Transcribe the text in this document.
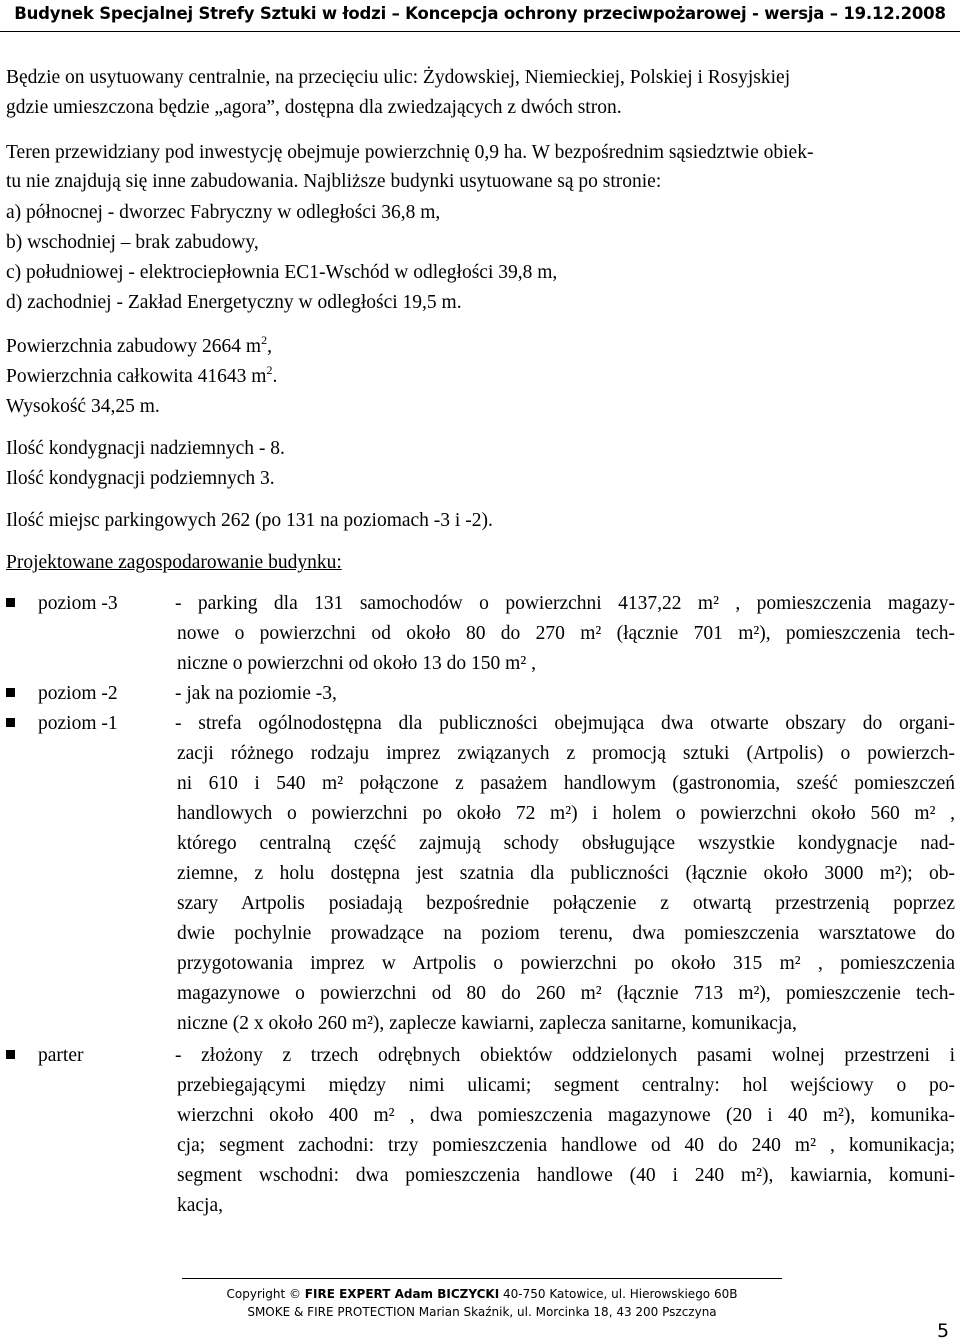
Budynek Specjalnej Strefy Sztuki w łodzi – Koncepcja ochrony przeciwpożarowej - wersja – 19.12.2008
Będzie on usytuowany centralnie, na przecięciu ulic: Żydowskiej, Niemieckiej, Polskiej i Rosyjskiej
gdzie umieszczona będzie „agora”, dostępna dla zwiedzających z dwóch stron.
Teren przewidziany pod inwestycję obejmuje powierzchnię 0,9 ha. W bezpośrednim sąsiedztwie obiek-
tu nie znajdują się inne zabudowania. Najbliższe budynki usytuowane są po stronie:
a) północnej - dworzec Fabryczny w odległości 36,8 m,
b) wschodniej – brak zabudowy,
c) południowej - elektrociepłownia EC1-Wschód w odległości 39,8 m,
d) zachodniej - Zakład Energetyczny w odległości 19,5 m.
Powierzchnia zabudowy 2664 $m^2$,
Powierzchnia całkowita 41643 $m^2$.
Wysokość 34,25 m.
Ilość kondygnacji nadziemnych - 8.
Ilość kondygnacji podziemnych 3.
Ilość miejsc parkingowych 262 (po 131 na poziomach -3 i -2).
Projektowane zagospodarowanie budynku:
poziom -3	- parking dla 131 samochodów o powierzchni 4137,22 m² , pomieszczenia magazy-
nowe o powierzchni od około 80 do 270 m² (łącznie 701 m²), pomieszczenia tech-
niczne o powierzchni od około 13 do 150 m² ,
poziom -2	- jak na poziomie -3,
poziom -1	- strefa ogólnodostępna dla publiczności obejmująca dwa otwarte obszary do organi-
zacji różnego rodzaju imprez związanych z promocją sztuki (Artpolis) o powierzch-
ni 610 i 540 m² połączone z pasażem handlowym (gastronomia, sześć pomieszczeń
handlowych o powierzchni po około 72 m²) i holem o powierzchni około 560 m² ,
którego centralną część zajmują schody obsługujące wszystkie kondygnacje nad-
ziemne, z holu dostępna jest szatnia dla publiczności (łącznie około 3000 m²); ob-
szary Artpolis posiadają bezpośrednie połączenie z otwartą przestrzenią poprzez
dwie pochylnie prowadzące na poziom terenu, dwa pomieszczenia warsztatowe do
przygotowania imprez w Artpolis o powierzchni po około 315 m² , pomieszczenia
magazynowe o powierzchni od 80 do 260 m² (łącznie 713 m²), pomieszczenie tech-
niczne (2 x około 260 m²), zaplecze kawiarni, zaplecza sanitarne, komunikacja,
parter	- złożony z trzech odrębnych obiektów oddzielonych pasami wolnej przestrzeni i
przebiegającymi między nimi ulicami; segment centralny: hol wejściowy o po-
wierzchni około 400 m² , dwa pomieszczenia magazynowe (20 i 40 m²), komunika-
cja; segment zachodni: trzy pomieszczenia handlowe od 40 do 240 m² , komunikacja;
segment wschodni: dwa pomieszczenia handlowe (40 i 240 m²), kawiarnia, komuni-
kacja,
Copyright © FIRE EXPERT Adam BICZYCKI 40-750 Katowice, ul. Hierowskiego 60B
SMOKE & FIRE PROTECTION Marian Skaźnik, ul. Morcinka 18, 43 200 Pszczyna
5
